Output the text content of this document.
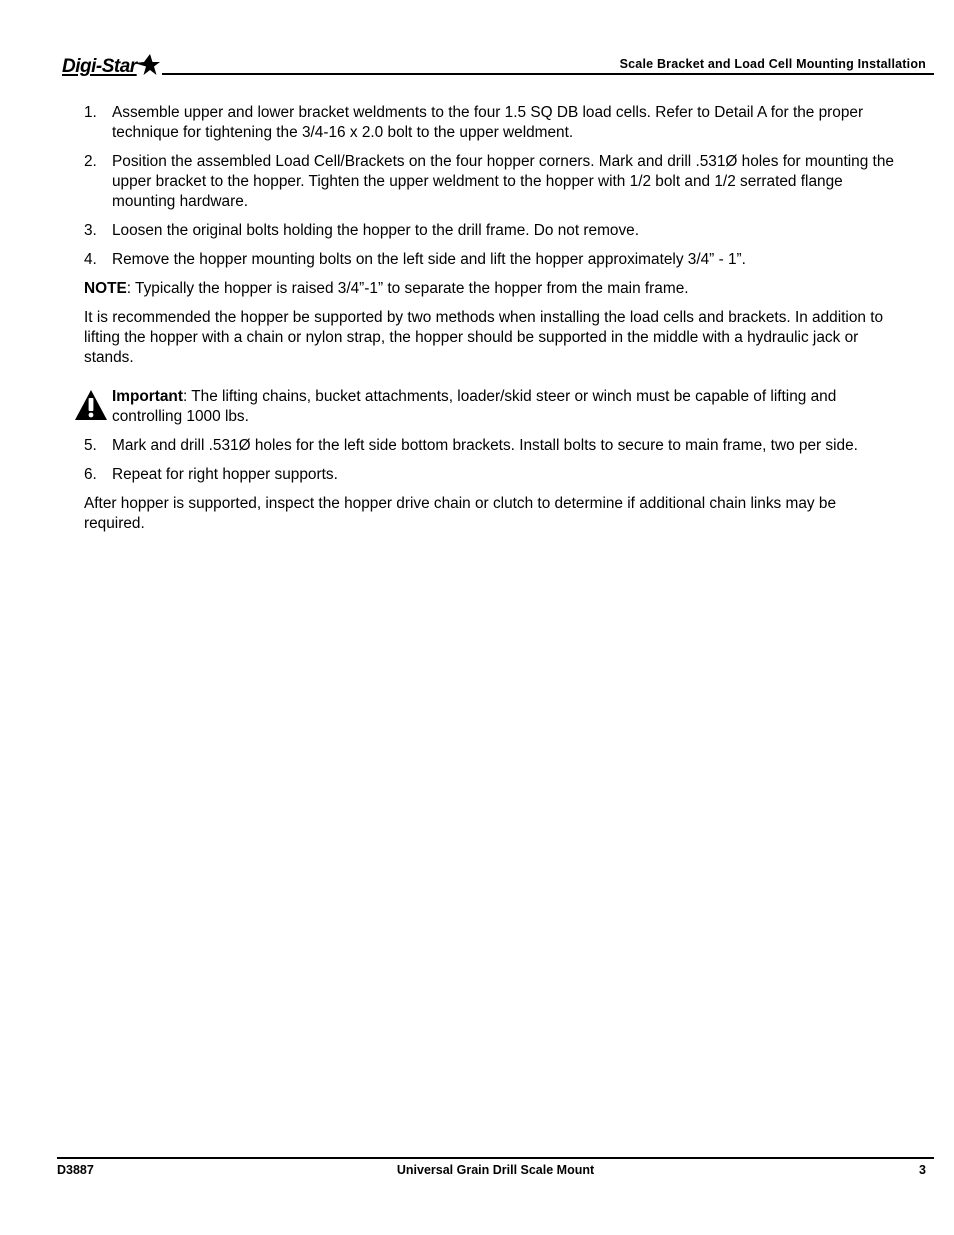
Digi-Star	Scale Bracket and Load Cell Mounting Installation
1. Assemble upper and lower bracket weldments to the four 1.5 SQ DB load cells. Refer to Detail A for the proper technique for tightening the 3/4-16 x 2.0 bolt to the upper weldment.
2. Position the assembled Load Cell/Brackets on the four hopper corners. Mark and drill .531Ø holes for mounting the upper bracket to the hopper. Tighten the upper weldment to the hopper with 1/2 bolt and 1/2 serrated flange mounting hardware.
3. Loosen the original bolts holding the hopper to the drill frame. Do not remove.
4. Remove the hopper mounting bolts on the left side and lift the hopper approximately 3/4” - 1”.

NOTE: Typically the hopper is raised 3/4”-1” to separate the hopper from the main frame.

It is recommended the hopper be supported by two methods when installing the load cells and brackets. In addition to lifting the hopper with a chain or nylon strap, the hopper should be supported in the middle with a hydraulic jack or stands.

Important: The lifting chains, bucket attachments, loader/skid steer or winch must be capable of lifting and controlling 1000 lbs.
5. Mark and drill .531Ø holes for the left side bottom brackets. Install bolts to secure to main frame, two per side.
6. Repeat for right hopper supports.

After hopper is supported, inspect the hopper drive chain or clutch to determine if additional chain links may be required.

D3887	Universal Grain Drill Scale Mount	3
